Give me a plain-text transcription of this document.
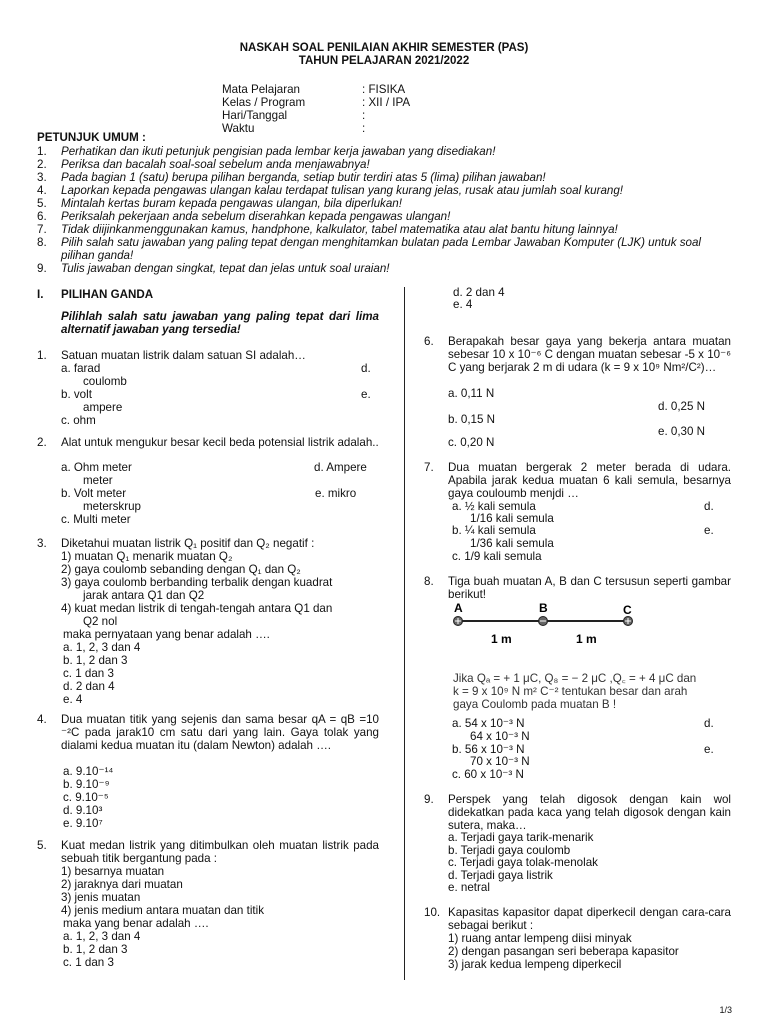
NASKAH SOAL PENILAIAN AKHIR SEMESTER (PAS)
TAHUN PELAJARAN 2021/2022
Mata Pelajaran	: FISIKA
Kelas / Program	: XII / IPA
Hari/Tanggal	:
Waktu	:
PETUNJUK UMUM :
1. Perhatikan dan ikuti petunjuk pengisian pada lembar kerja jawaban yang disediakan!
2. Periksa dan bacalah soal-soal sebelum anda menjawabnya!
3. Pada bagian 1 (satu) berupa pilihan berganda, setiap butir terdiri atas 5 (lima) pilihan jawaban!
4. Laporkan kepada pengawas ulangan kalau terdapat tulisan yang kurang jelas, rusak atau jumlah soal kurang!
5. Mintalah kertas buram kepada pengawas ulangan, bila diperlukan!
6. Periksalah pekerjaan anda sebelum diserahkan kepada pengawas ulangan!
7. Tidak diijinkanmenggunakan kamus, handphone, kalkulator, tabel matematika atau alat bantu hitung lainnya!
8. Pilih salah satu jawaban yang paling tepat dengan menghitamkan bulatan pada Lembar Jawaban Komputer (LJK) untuk soal pilihan ganda!
9. Tulis jawaban dengan singkat, tepat dan jelas untuk soal uraian!
I. PILIHAN GANDA
Pilihlah salah satu jawaban yang paling tepat dari lima alternatif jawaban yang tersedia!
1. Satuan muatan listrik dalam satuan SI adalah…
a. farad	d.
coulomb
b. volt	e.
ampere
c. ohm
2. Alat untuk mengukur besar kecil beda potensial listrik adalah..
a. Ohm meter	d. Ampere
meter
b. Volt meter	e. mikro
meterskrup
c. Multi meter
3. Diketahui muatan listrik Q₁ positif dan Q₂ negatif :
1) muatan Q₁ menarik muatan Q₂
2) gaya coulomb sebanding dengan Q₁ dan Q₂
3) gaya coulomb berbanding terbalik dengan kuadrat
jarak antara Q1 dan Q2
4) kuat medan listrik di tengah-tengah antara Q1 dan
Q2 nol
maka pernyataan yang benar adalah ….
a. 1, 2, 3 dan 4
b. 1, 2 dan 3
c. 1 dan 3
d. 2 dan 4
e. 4
4. Dua muatan titik yang sejenis dan sama besar qA = qB =10 ⁻²C pada jarak10 cm satu dari yang lain. Gaya tolak yang dialami kedua muatan itu (dalam Newton) adalah ….
a. 9.10⁻¹⁴
b. 9.10⁻⁹
c. 9.10⁻⁵
d. 9.10³
e. 9.10⁷
5. Kuat medan listrik yang ditimbulkan oleh muatan listrik pada sebuah titik bergantung pada :
1) besarnya muatan
2) jaraknya dari muatan
3) jenis muatan
4) jenis medium antara muatan dan titik
maka yang benar adalah ….
a. 1, 2, 3 dan 4
b. 1, 2 dan 3
c. 1 dan 3
d. 2 dan 4
e. 4
6. Berapakah besar gaya yang bekerja antara muatan sebesar 10 x 10⁻⁶ C dengan muatan sebesar -5 x 10⁻⁶ C yang berjarak 2 m di udara (k = 9 x 10⁹ Nm²/C²)…
a. 0,11 N
d. 0,25 N
b. 0,15 N
e. 0,30 N
c. 0,20 N
7. Dua muatan bergerak 2 meter berada di udara. Apabila jarak kedua muatan 6 kali semula, besarnya gaya couloumb menjdi …
a. ½ kali semula	d.
1/16 kali semula
b. ¼ kali semula	e.
1/36 kali semula
c. 1/9 kali semula
8. Tiga buah muatan A, B dan C tersusun seperti gambar berikut!
A	B	C
1 m	1 m
Jika Qₐ = + 1 μC, Q₈ = − 2 μC ,Q꜀ = + 4 μC dan
k = 9 x 10⁹ N m² C⁻² tentukan besar dan arah
gaya Coulomb pada muatan B !
a. 54 x 10⁻³ N	d.
64 x 10⁻³ N
b. 56 x 10⁻³ N	e.
70 x 10⁻³ N
c. 60 x 10⁻³ N
9. Perspek yang telah digosok dengan kain wol didekatkan pada kaca yang telah digosok dengan kain sutera, maka…
a. Terjadi gaya tarik-menarik
b. Terjadi gaya coulomb
c. Terjadi gaya tolak-menolak
d. Terjadi gaya listrik
e. netral
10. Kapasitas kapasitor dapat diperkecil dengan cara-cara sebagai berikut :
1) ruang antar lempeng diisi minyak
2) dengan pasangan seri beberapa kapasitor
3) jarak kedua lempeng diperkecil
1/3
